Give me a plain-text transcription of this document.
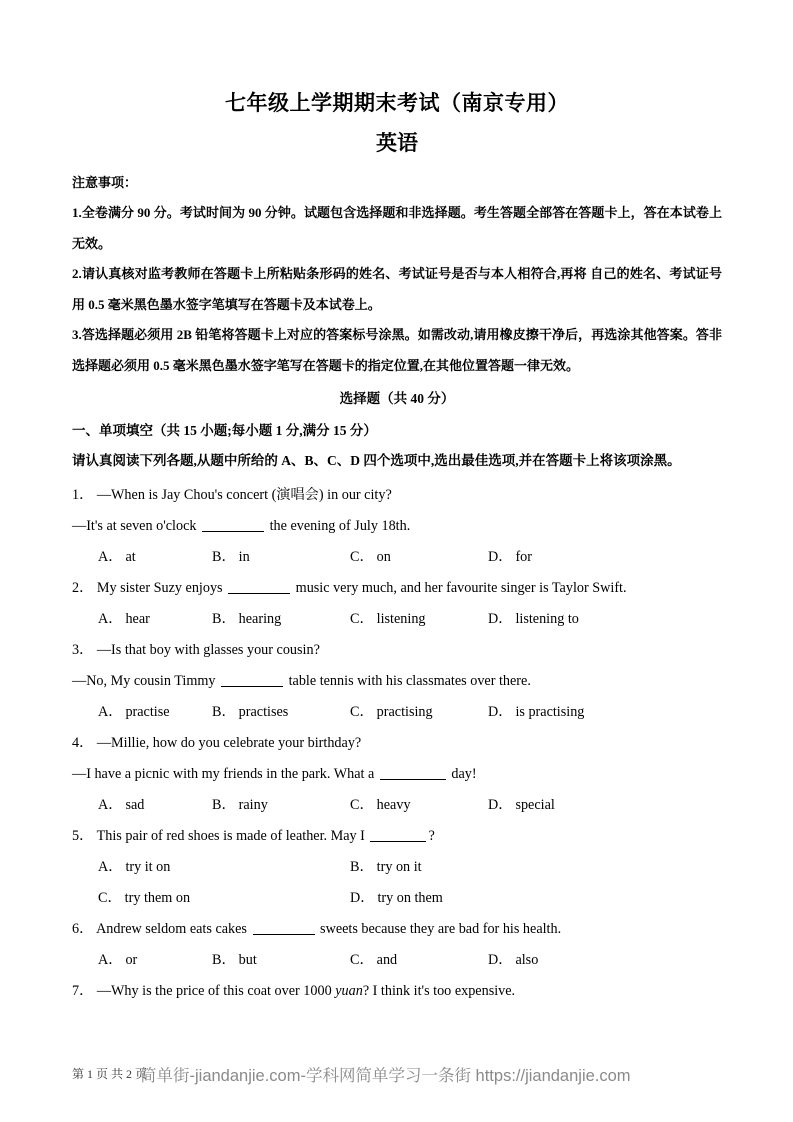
七年级上学期期末考试（南京专用）
英语

注意事项：

1.全卷满分 90 分。考试时间为 90 分钟。试题包含选择题和非选择题。考生答题全部答在答题卡上，答在本试卷上无效。

2.请认真核对监考教师在答题卡上所粘贴条形码的姓名、考试证号是否与本人相符合,再将 自己的姓名、考试证号用 0.5 毫米黑色墨水签字笔填写在答题卡及本试卷上。

3.答选择题必须用 2B 铅笔将答题卡上对应的答案标号涂黑。如需改动,请用橡皮擦干净后，再选涂其他答案。答非选择题必须用 0.5 毫米黑色墨水签字笔写在答题卡的指定位置,在其他位置答题一律无效。

选择题（共 40 分）

一、单项填空（共 15 小题;每小题 1 分,满分 15 分）

请认真阅读下列各题,从题中所给的 A、B、C、D 四个选项中,选出最佳选项,并在答题卡上将该项涂黑。

1． —When is Jay Chou's concert (演唱会) in our city?

—It's at seven o'clock	the evening of July 18th.

A． at	B． in	C． on	D． for

2． My sister Suzy enjoys	music very much, and her favourite singer is Taylor Swift.

A． hear	B． hearing	C． listening	D． listening to

3． —Is that boy with glasses your cousin?

—No, My cousin Timmy	table tennis with his classmates over there.

A． practise	B． practises	C． practising	D． is practising

4． —Millie, how do you celebrate your birthday?

—I have a picnic with my friends in the park. What a	day!

A． sad	B． rainy	C． heavy	D． special

5． This pair of red shoes is made of leather. May I	?

A． try it on	B． try on it
C． try them on	D． try on them

6． Andrew seldom eats cakes	sweets because they are bad for his health.

A． or	B． but	C． and	D． also

7． —Why is the price of this coat over 1000 yuan? I think it's too expensive.

第 1 页 共 2 页
简单街-jiandanjie.com-学科网简单学习一条街 https://jiandanjie.com
